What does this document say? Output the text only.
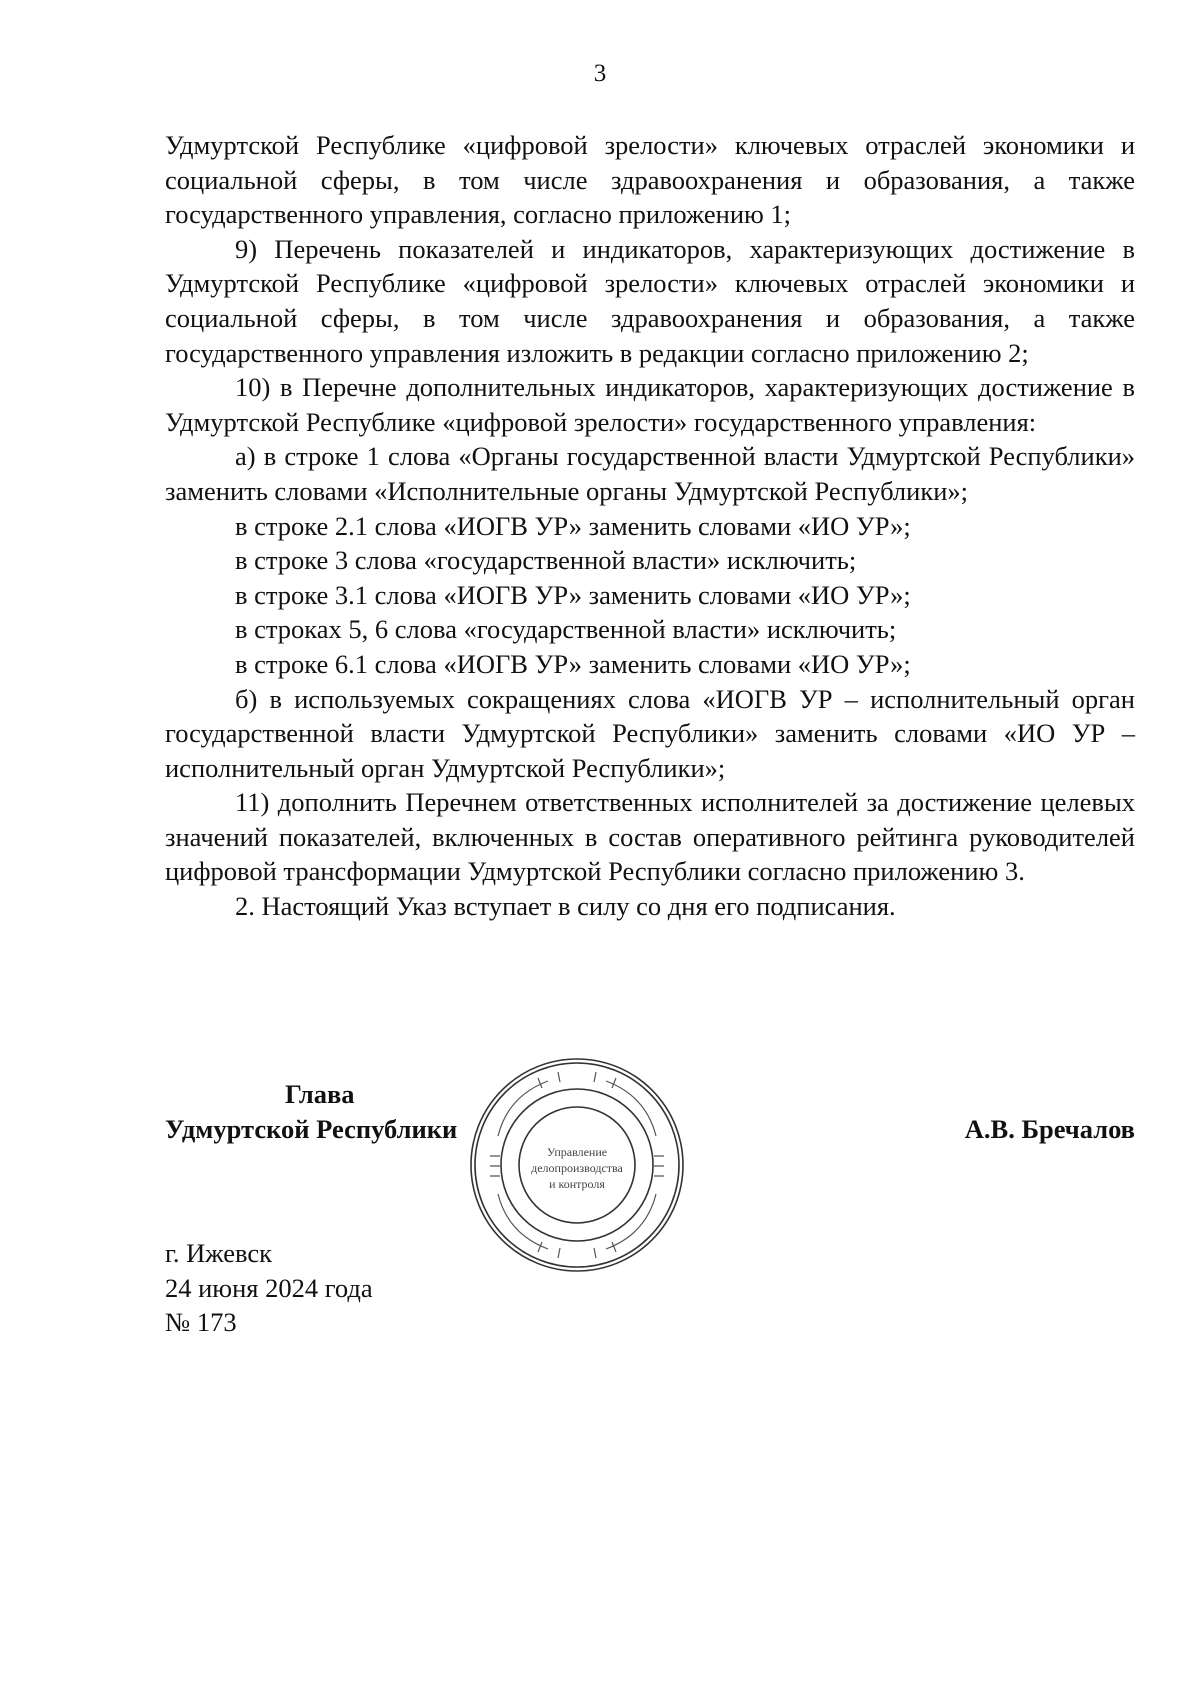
3

Удмуртской Республике «цифровой зрелости» ключевых отраслей экономики и социальной сферы, в том числе здравоохранения и образования, а также государственного управления, согласно приложению 1;

9) Перечень показателей и индикаторов, характеризующих достижение в Удмуртской Республике «цифровой зрелости» ключевых отраслей экономики и социальной сферы, в том числе здравоохранения и образования, а также государственного управления изложить в редакции согласно приложению 2;

10) в Перечне дополнительных индикаторов, характеризующих достижение в Удмуртской Республике «цифровой зрелости» государственного управления:

а) в строке 1 слова «Органы государственной власти Удмуртской Республики» заменить словами «Исполнительные органы Удмуртской Республики»;

в строке 2.1 слова «ИОГВ УР» заменить словами «ИО УР»;

в строке 3 слова «государственной власти» исключить;

в строке 3.1 слова «ИОГВ УР» заменить словами «ИО УР»;

в строках 5, 6 слова «государственной власти» исключить;

в строке 6.1 слова «ИОГВ УР» заменить словами «ИО УР»;

б) в используемых сокращениях слова «ИОГВ УР – исполнительный орган государственной власти Удмуртской Республики» заменить словами «ИО УР – исполнительный орган Удмуртской Республики»;

11) дополнить Перечнем ответственных исполнителей за достижение целевых значений показателей, включенных в состав оперативного рейтинга руководителей цифровой трансформации Удмуртской Республики согласно приложению 3.

2. Настоящий Указ вступает в силу со дня его подписания.

Глава
Удмуртской Республики
Управление
делопроизводства
и контроля
А.В. Бречалов
г. Ижевск
24 июня 2024 года
№ 173
